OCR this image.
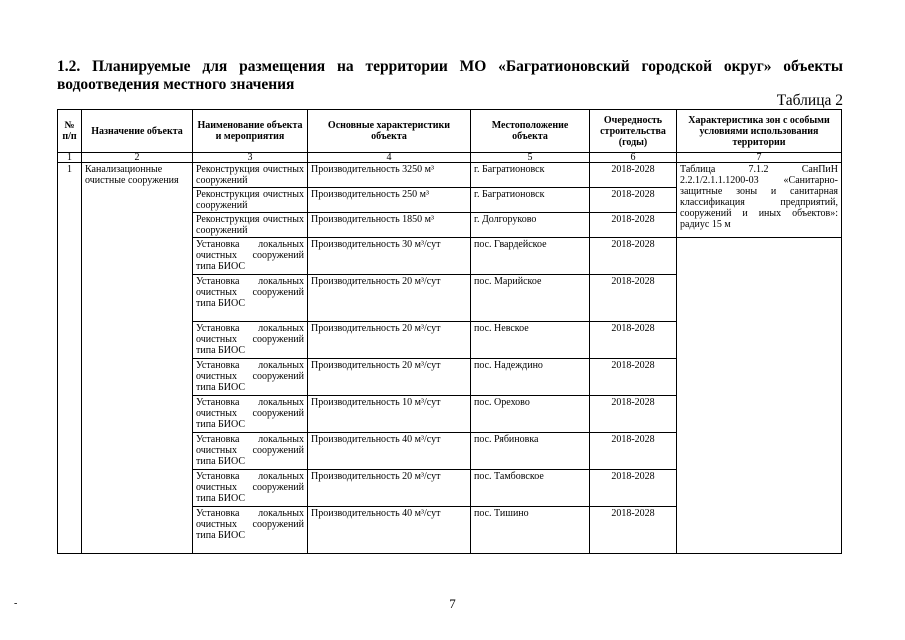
1.2. Планируемые для размещения на территории МО «Багратионовский городской округ» объекты водоотведения местного значения
Таблица 2
№ п/п	Назначение объекта	Наименование объекта и мероприятия	Основные характеристики объекта	Местоположение объекта	Очередность строительства (годы)	Характеристика зон с особыми условиями использования территории
1	2	3	4	5	6	7
1	Канализационные очистные сооружения	Реконструкция очистных сооружений	Производительность 3250 м³	г. Багратионовск	2018-2028	Таблица 7.1.2 СанПиН 2.2.1/2.1.1.1200-03 «Санитарно-защитные зоны и санитарная классификация предприятий, сооружений и иных объектов»: радиус 15 м
		Реконструкция очистных сооружений	Производительность 250 м³	г. Багратионовск	2018-2028	
		Реконструкция очистных сооружений	Производительность 1850 м³	г. Долгоруково	2018-2028	
		Установка локальных очистных сооружений типа БИОС	Производительность 30 м³/сут	пос. Гвардейское	2018-2028	
		Установка локальных очистных сооружений типа БИОС	Производительность 20 м³/сут	пос. Марийское	2018-2028	
		Установка локальных очистных сооружений типа БИОС	Производительность 20 м³/сут	пос. Невское	2018-2028	
		Установка локальных очистных сооружений типа БИОС	Производительность 20 м³/сут	пос. Надеждино	2018-2028	
		Установка локальных очистных сооружений типа БИОС	Производительность 10 м³/сут	пос. Орехово	2018-2028	
		Установка локальных очистных сооружений типа БИОС	Производительность 40 м³/сут	пос. Рябиновка	2018-2028	
		Установка локальных очистных сооружений типа БИОС	Производительность 20 м³/сут	пос. Тамбовское	2018-2028	
		Установка локальных очистных сооружений типа БИОС	Производительность 40 м³/сут	пос. Тишино	2018-2028	
-	7
